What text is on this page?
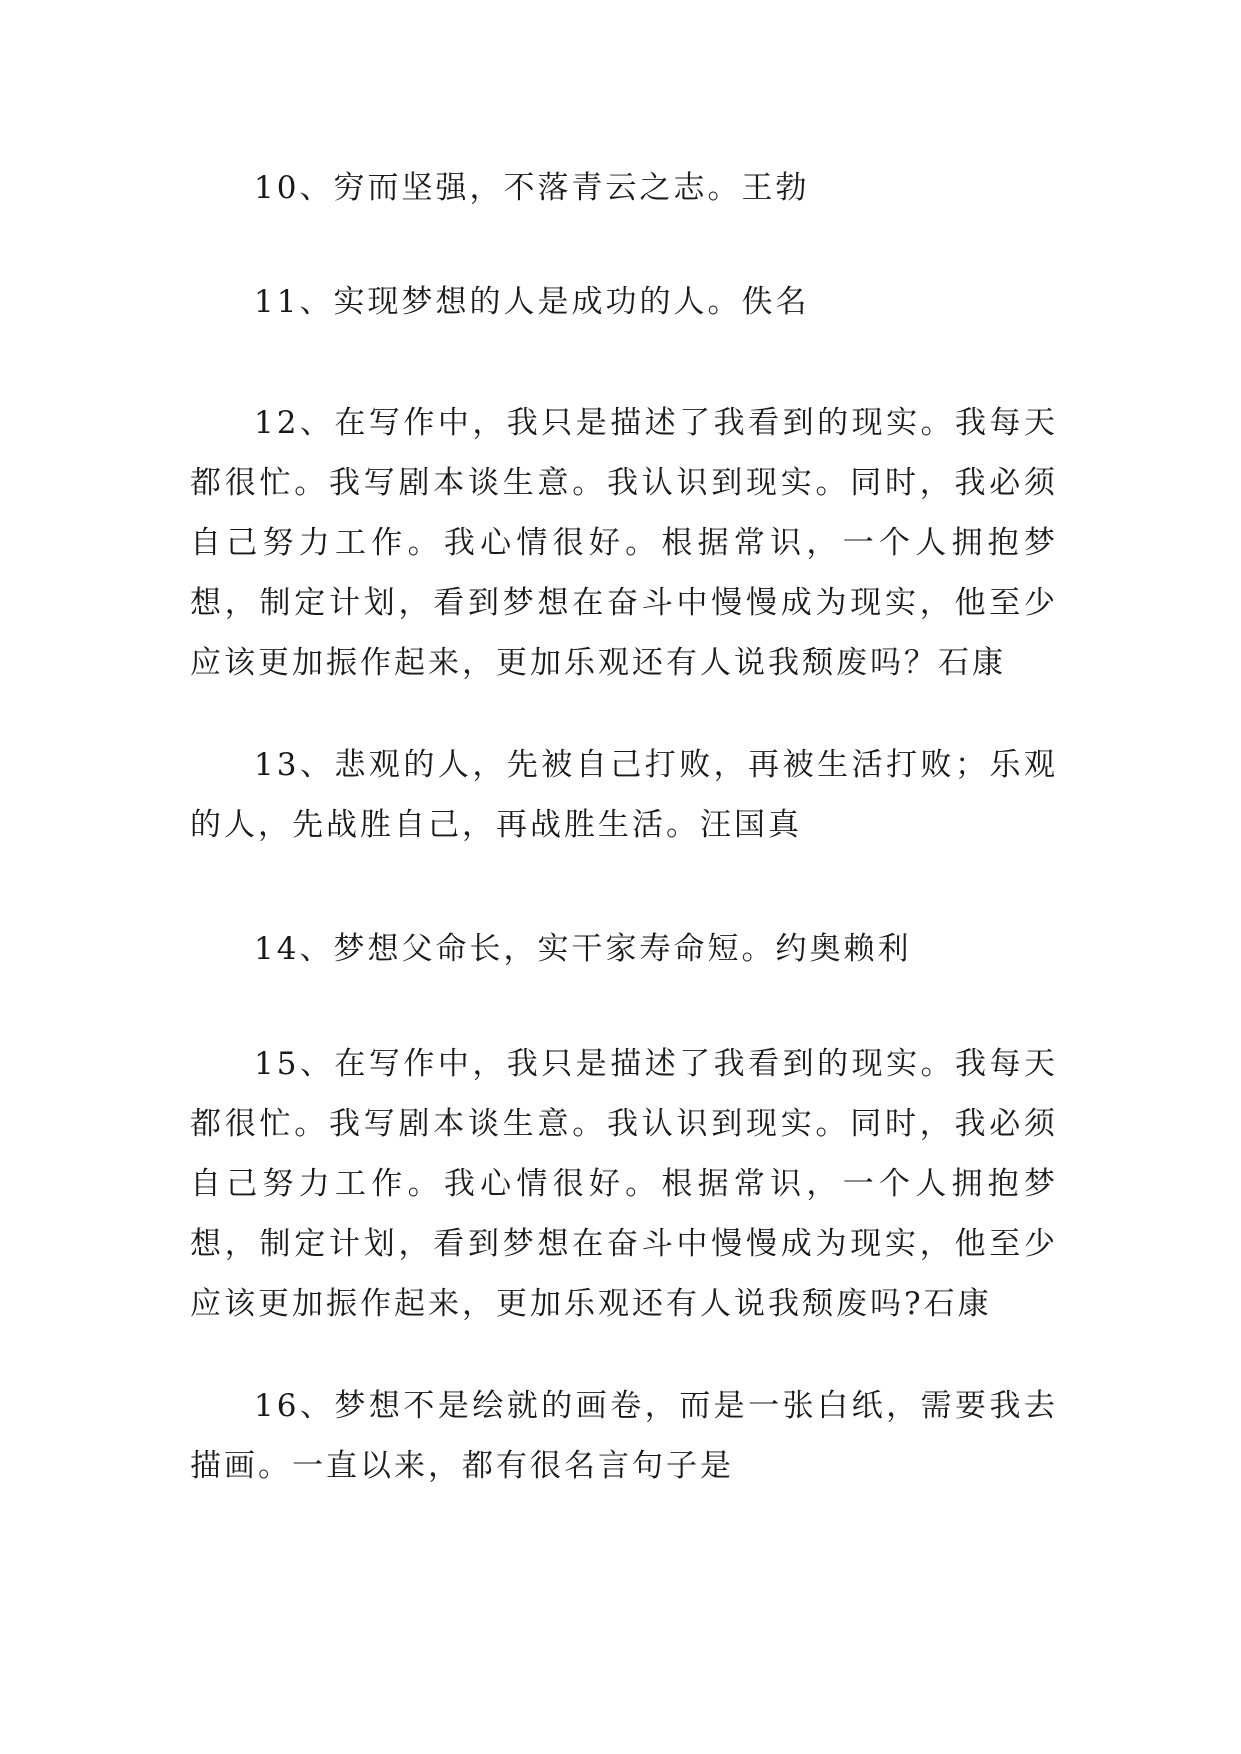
10、穷而坚强，不落青云之志。王勃

11、实现梦想的人是成功的人。佚名

12、在写作中，我只是描述了我看到的现实。我每天都很忙。我写剧本谈生意。我认识到现实。同时，我必须自己努力工作。我心情很好。根据常识，一个人拥抱梦想，制定计划，看到梦想在奋斗中慢慢成为现实，他至少应该更加振作起来，更加乐观还有人说我颓废吗？石康

13、悲观的人，先被自己打败，再被生活打败；乐观的人，先战胜自己，再战胜生活。汪国真

14、梦想父命长，实干家寿命短。约奥赖利

15、在写作中，我只是描述了我看到的现实。我每天都很忙。我写剧本谈生意。我认识到现实。同时，我必须自己努力工作。我心情很好。根据常识，一个人拥抱梦想，制定计划，看到梦想在奋斗中慢慢成为现实，他至少应该更加振作起来，更加乐观还有人说我颓废吗?石康

16、梦想不是绘就的画卷，而是一张白纸，需要我去描画。一直以来，都有很名言句子是
